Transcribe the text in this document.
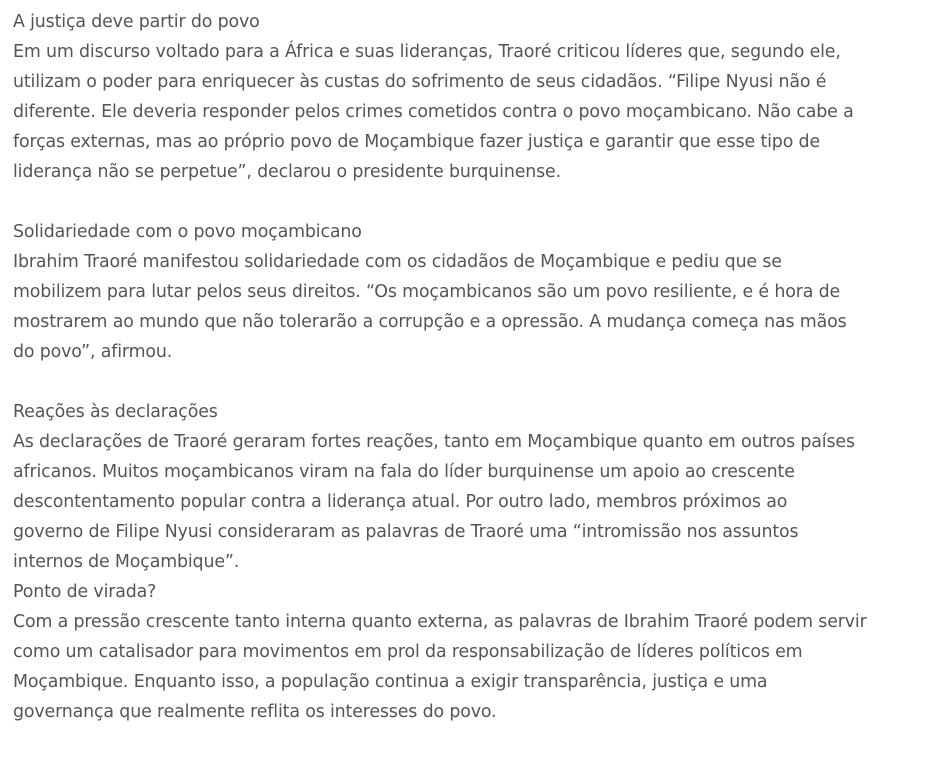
A justiça deve partir do povo

Em um discurso voltado para a África e suas lideranças, Traoré criticou líderes que, segundo ele,

utilizam o poder para enriquecer às custas do sofrimento de seus cidadãos. “Filipe Nyusi não é

diferente. Ele deveria responder pelos crimes cometidos contra o povo moçambicano. Não cabe a

forças externas, mas ao próprio povo de Moçambique fazer justiça e garantir que esse tipo de

liderança não se perpetue”, declarou o presidente burquinense.

Solidariedade com o povo moçambicano

Ibrahim Traoré manifestou solidariedade com os cidadãos de Moçambique e pediu que se

mobilizem para lutar pelos seus direitos. “Os moçambicanos são um povo resiliente, e é hora de

mostrarem ao mundo que não tolerarão a corrupção e a opressão. A mudança começa nas mãos

do povo”, afirmou.

Reações às declarações

As declarações de Traoré geraram fortes reações, tanto em Moçambique quanto em outros países

africanos. Muitos moçambicanos viram na fala do líder burquinense um apoio ao crescente

descontentamento popular contra a liderança atual. Por outro lado, membros próximos ao

governo de Filipe Nyusi consideraram as palavras de Traoré uma “intromissão nos assuntos

internos de Moçambique”.

Ponto de virada?

Com a pressão crescente tanto interna quanto externa, as palavras de Ibrahim Traoré podem servir

como um catalisador para movimentos em prol da responsabilização de líderes políticos em

Moçambique. Enquanto isso, a população continua a exigir transparência, justiça e uma

governança que realmente reflita os interesses do povo.
